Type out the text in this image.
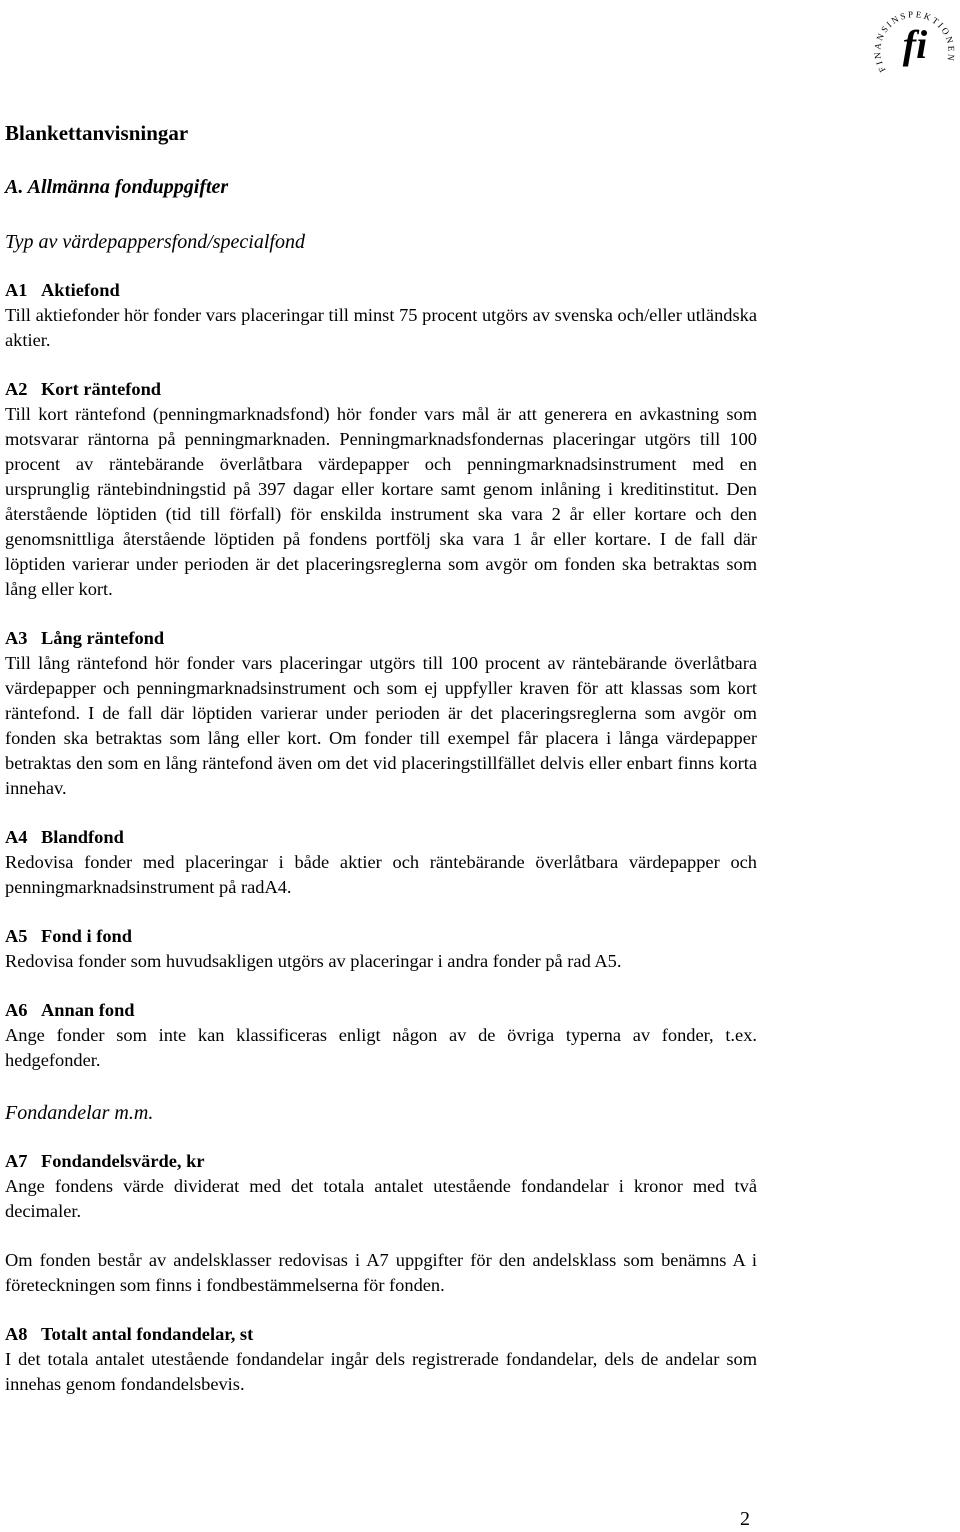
FINANSINSPEKTIONEN
fi
Blankettanvisningar
A. Allmänna fonduppgifter
Typ av värdepappersfond/specialfond
A1 Aktiefond
Till aktiefonder hör fonder vars placeringar till minst 75 procent utgörs av svenska och/eller utländska aktier.
A2 Kort räntefond
Till kort räntefond (penningmarknadsfond) hör fonder vars mål är att generera en avkastning som motsvarar räntorna på penningmarknaden. Penningmarknadsfondernas placeringar utgörs till 100 procent av räntebärande överlåtbara värdepapper och penningmarknadsinstrument med en ursprunglig räntebindningstid på 397 dagar eller kortare samt genom inlåning i kreditinstitut. Den återstående löptiden (tid till förfall) för enskilda instrument ska vara 2 år eller kortare och den genomsnittliga återstående löptiden på fondens portfölj ska vara 1 år eller kortare. I de fall där löptiden varierar under perioden är det placeringsreglerna som avgör om fonden ska betraktas som lång eller kort.
A3 Lång räntefond
Till lång räntefond hör fonder vars placeringar utgörs till 100 procent av räntebärande överlåtbara värdepapper och penningmarknadsinstrument och som ej uppfyller kraven för att klassas som kort räntefond. I de fall där löptiden varierar under perioden är det placeringsreglerna som avgör om fonden ska betraktas som lång eller kort. Om fonder till exempel får placera i långa värdepapper betraktas den som en lång räntefond även om det vid placeringstillfället delvis eller enbart finns korta innehav.
A4 Blandfond
Redovisa fonder med placeringar i både aktier och räntebärande överlåtbara värdepapper och penningmarknadsinstrument på radA4.
A5 Fond i fond
Redovisa fonder som huvudsakligen utgörs av placeringar i andra fonder på rad A5.
A6 Annan fond
Ange fonder som inte kan klassificeras enligt någon av de övriga typerna av fonder, t.ex. hedgefonder.
Fondandelar m.m.
A7 Fondandelsvärde, kr
Ange fondens värde dividerat med det totala antalet utestående fondandelar i kronor med två decimaler.
Om fonden består av andelsklasser redovisas i A7 uppgifter för den andelsklass som benämns A i företeckningen som finns i fondbestämmelserna för fonden.
A8 Totalt antal fondandelar, st
I det totala antalet utestående fondandelar ingår dels registrerade fondandelar, dels de andelar som innehas genom fondandelsbevis.
2
